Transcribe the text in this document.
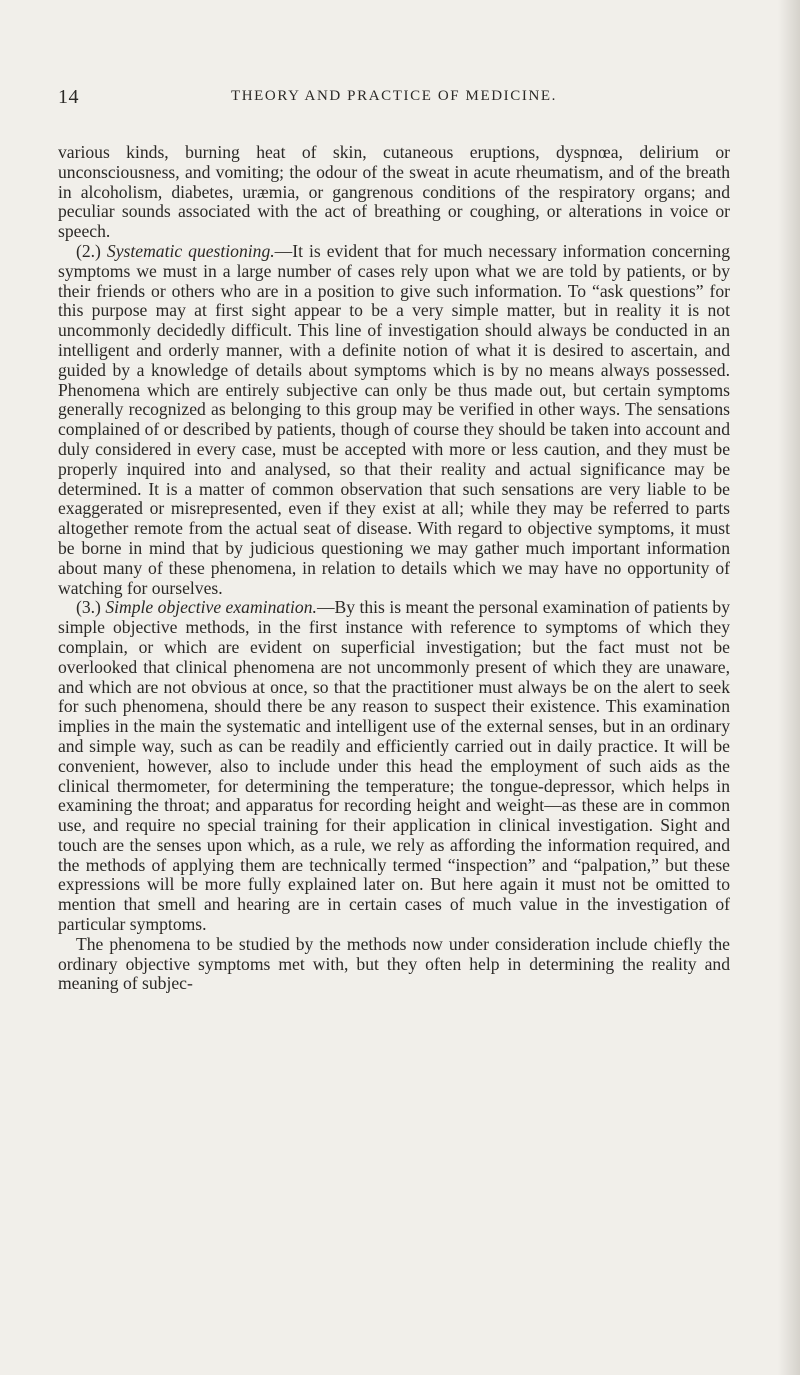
14	THEORY AND PRACTICE OF MEDICINE.

various kinds, burning heat of skin, cutaneous eruptions, dyspnœa, delirium or unconsciousness, and vomiting; the odour of the sweat in acute rheumatism, and of the breath in alcoholism, diabetes, uræmia, or gangrenous conditions of the respiratory organs; and peculiar sounds associated with the act of breathing or coughing, or alterations in voice or speech.

(2.) Systematic questioning.—It is evident that for much necessary information concerning symptoms we must in a large number of cases rely upon what we are told by patients, or by their friends or others who are in a position to give such information. To “ask questions” for this purpose may at first sight appear to be a very simple matter, but in reality it is not uncommonly decidedly difficult. This line of investigation should always be conducted in an intelligent and orderly manner, with a definite notion of what it is desired to ascertain, and guided by a knowledge of details about symptoms which is by no means always possessed. Phenomena which are entirely subjective can only be thus made out, but certain symptoms generally recognized as belonging to this group may be verified in other ways. The sensations complained of or described by patients, though of course they should be taken into account and duly considered in every case, must be accepted with more or less caution, and they must be properly inquired into and analysed, so that their reality and actual significance may be determined. It is a matter of common observation that such sensations are very liable to be exaggerated or misrepresented, even if they exist at all; while they may be referred to parts altogether remote from the actual seat of disease. With regard to objective symptoms, it must be borne in mind that by judicious questioning we may gather much important information about many of these phenomena, in relation to details which we may have no opportunity of watching for ourselves.

(3.) Simple objective examination.—By this is meant the personal examination of patients by simple objective methods, in the first instance with reference to symptoms of which they complain, or which are evident on superficial investigation; but the fact must not be overlooked that clinical phenomena are not uncommonly present of which they are unaware, and which are not obvious at once, so that the practitioner must always be on the alert to seek for such phenomena, should there be any reason to suspect their existence. This examination implies in the main the systematic and intelligent use of the external senses, but in an ordinary and simple way, such as can be readily and efficiently carried out in daily practice. It will be convenient, however, also to include under this head the employment of such aids as the clinical thermometer, for determining the temperature; the tongue-depressor, which helps in examining the throat; and apparatus for recording height and weight—as these are in common use, and require no special training for their application in clinical investigation. Sight and touch are the senses upon which, as a rule, we rely as affording the information required, and the methods of applying them are technically termed “inspection” and “palpation,” but these expressions will be more fully explained later on. But here again it must not be omitted to mention that smell and hearing are in certain cases of much value in the investigation of particular symptoms.

The phenomena to be studied by the methods now under consideration include chiefly the ordinary objective symptoms met with, but they often help in determining the reality and meaning of subjec-
